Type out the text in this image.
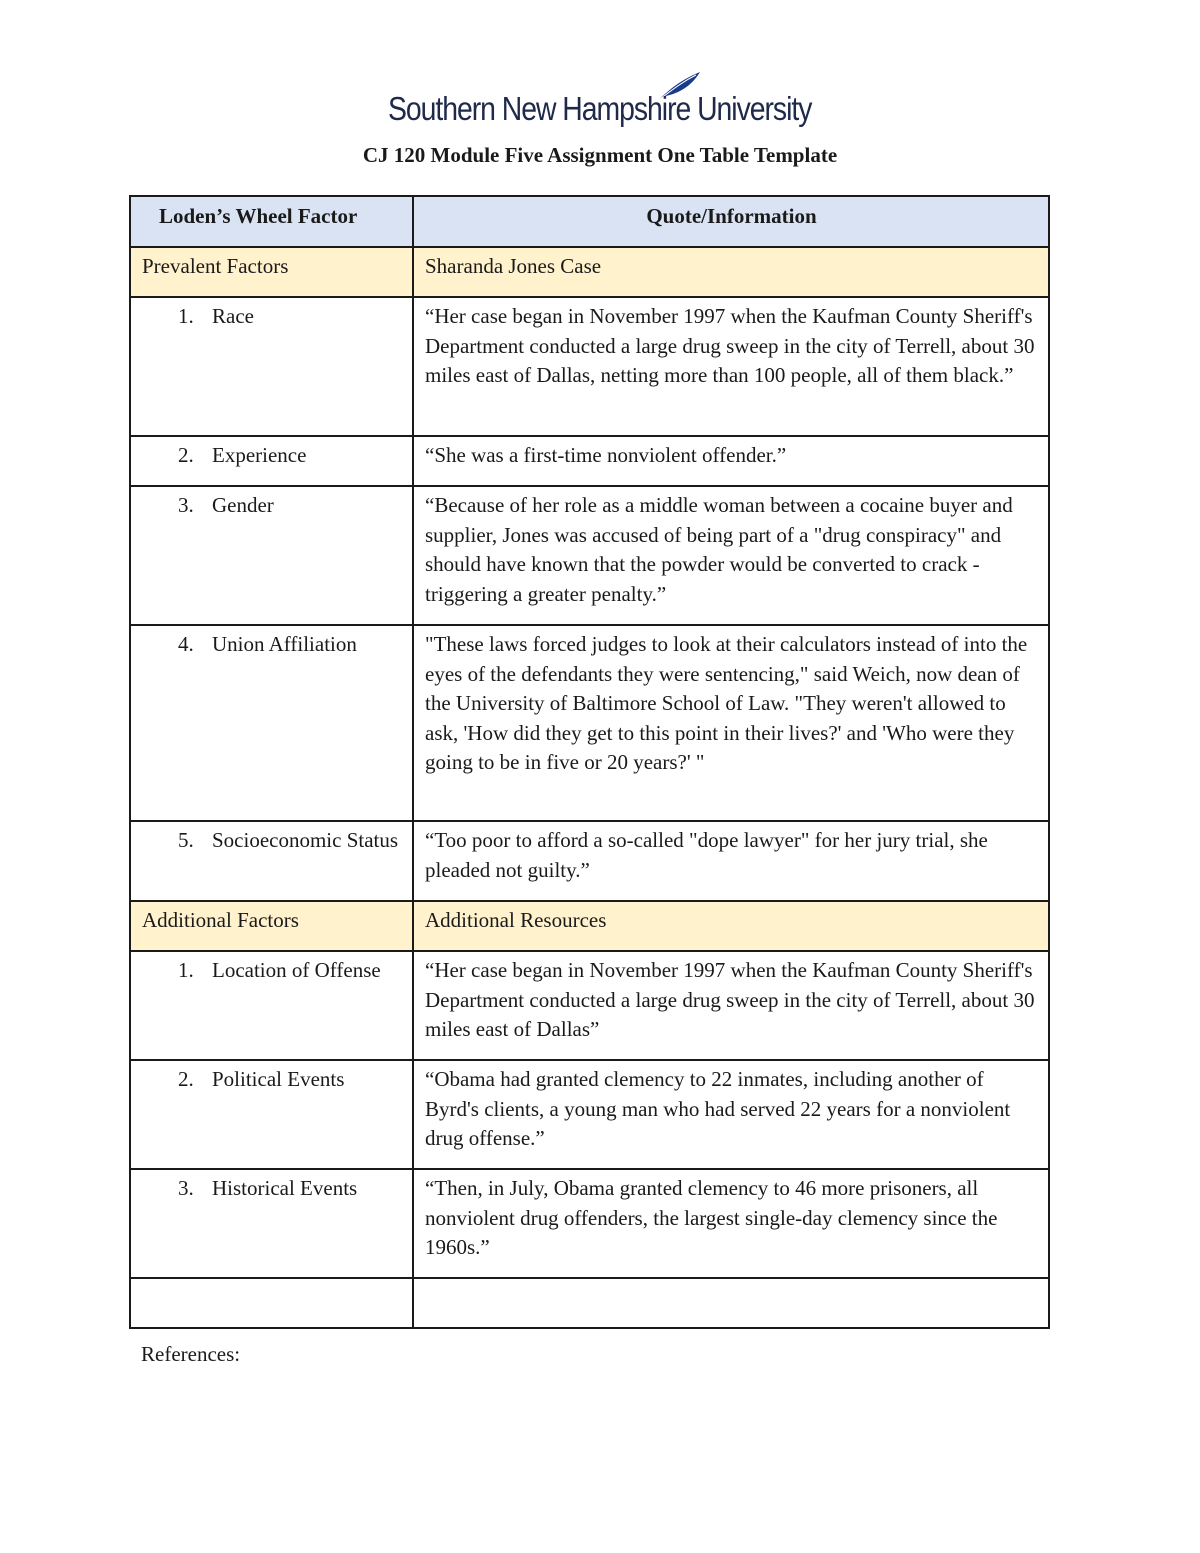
Southern New Hampshire University
CJ 120 Module Five Assignment One Table Template
Loden’s Wheel Factor	Quote/Information
Prevalent Factors	Sharanda Jones Case

1. Race	“Her case began in November 1997 when the Kaufman County Sheriff's Department conducted a large drug sweep in the city of Terrell, about 30 miles east of Dallas, netting more than 100 people, all of them black.”

2. Experience	“She was a first-time nonviolent offender.”

3. Gender	“Because of her role as a middle woman between a cocaine buyer and supplier, Jones was accused of being part of a "drug conspiracy" and should have known that the powder would be converted to crack - triggering a greater penalty.”

4. Union Affiliation	"These laws forced judges to look at their calculators instead of into the eyes of the defendants they were sentencing," said Weich, now dean of the University of Baltimore School of Law. "They weren't allowed to ask, 'How did they get to this point in their lives?' and 'Who were they going to be in five or 20 years?' "

5. Socioeconomic Status	“Too poor to afford a so-called "dope lawyer" for her jury trial, she pleaded not guilty.”
Additional Factors	Additional Resources

1. Location of Offense	“Her case began in November 1997 when the Kaufman County Sheriff's Department conducted a large drug sweep in the city of Terrell, about 30 miles east of Dallas”

2. Political Events	“Obama had granted clemency to 22 inmates, including another of Byrd's clients, a young man who had served 22 years for a nonviolent drug offense.”

3. Historical Events	“Then, in July, Obama granted clemency to 46 more prisoners, all nonviolent drug offenders, the largest single-day clemency since the 1960s.”

References:
